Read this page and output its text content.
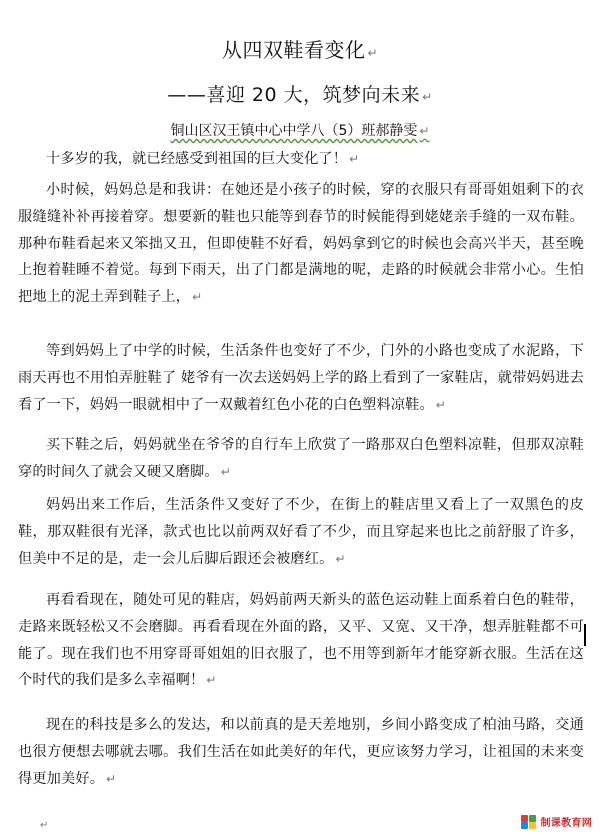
从四双鞋看变化 ↵
——喜迎 20 大，筑梦向未来 ↵
铜山区汉王镇中心中学八（5）班郝静雯 ↵
十多岁的我，就已经感受到祖国的巨大变化了！ ↵
小时候，妈妈总是和我讲：在她还是小孩子的时候，穿的衣服只有哥哥姐姐剩下的衣服缝缝补补再接着穿。想要新的鞋也只能等到春节的时候能得到姥姥亲手缝的一双布鞋。那种布鞋看起来又笨拙又丑，但即使鞋不好看，妈妈拿到它的时候也会高兴半天，甚至晚上抱着鞋睡不着觉。每到下雨天，出了门都是满地的呢，走路的时候就会非常小心。生怕把地上的泥土弄到鞋子上， ↵
等到妈妈上了中学的时候，生活条件也变好了不少，门外的小路也变成了水泥路，下雨天再也不用怕弄脏鞋了 姥爷有一次去送妈妈上学的路上看到了一家鞋店，就带妈妈进去看了一下，妈妈一眼就相中了一双戴着红色小花的白色塑料凉鞋。 ↵
买下鞋之后，妈妈就坐在爷爷的自行车上欣赏了一路那双白色塑料凉鞋，但那双凉鞋穿的时间久了就会又硬又磨脚。 ↵
妈妈出来工作后，生活条件又变好了不少，在街上的鞋店里又看上了一双黑色的皮鞋，那双鞋很有光泽，款式也比以前两双好看了不少，而且穿起来也比之前舒服了许多，但美中不足的是，走一会儿后脚后跟还会被磨红。 ↵
再看看现在，随处可见的鞋店，妈妈前两天新头的蓝色运动鞋上面系着白色的鞋带，走路来既轻松又不会磨脚。再看看现在外面的路，又平、又宽、又干净，想弄脏鞋都不可能了。现在我们也不用穿哥哥姐姐的旧衣服了，也不用等到新年才能穿新衣服。生活在这个时代的我们是多么幸福啊！ ↵
现在的科技是多么的发达，和以前真的是天差地别，乡间小路变成了柏油马路，交通也很方便想去哪就去哪。我们生活在如此美好的年代，更应该努力学习，让祖国的未来变得更加美好。 ↵
↵	制课教育网
